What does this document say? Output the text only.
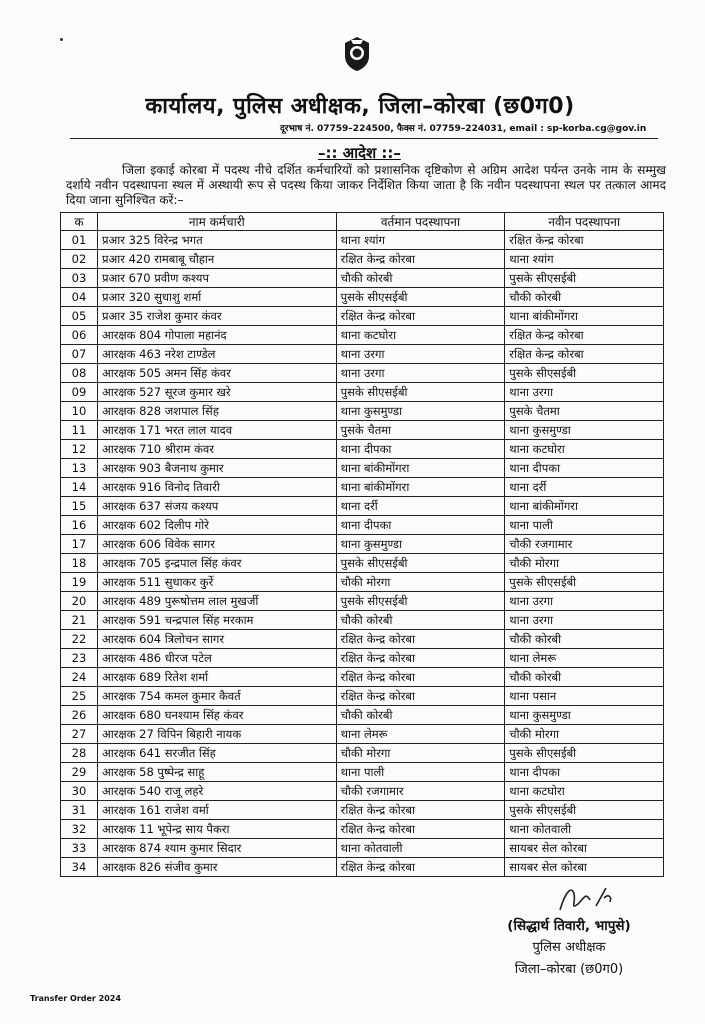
कार्यालय, पुलिस अधीक्षक, जिला–कोरबा (छ0ग0)
दूरभाष नं. 07759–224500, फैक्स नं. 07759–224031, email : sp-korba.cg@gov.in
–:: आदेश ::–
जिला इकाई कोरबा में पदस्थ नीचे दर्शित कर्मचारियों को प्रशासनिक दृष्टिकोण से अग्रिम आदेश पर्यन्त उनके नाम के सम्मुख दर्शाये नवीन पदस्थापना स्थल में अस्थायी रूप से पदस्थ किया जाकर निर्देशित किया जाता है कि नवीन पदस्थापना स्थल पर तत्काल आमद दिया जाना सुनिश्चित करें:–
क	नाम कर्मचारी	वर्तमान पदस्थापना	नवीन पदस्थापना
01	प्रआर 325 विरेन्द्र भगत	थाना श्यांग	रक्षित केन्द्र कोरबा
02	प्रआर 420 रामबाबू चौहान	रक्षित केन्द्र कोरबा	थाना श्यांग
03	प्रआर 670 प्रवीण कश्यप	चौकी कोरबी	पुसके सीएसईबी
04	प्रआर 320 सुधाशु शर्मा	पुसके सीएसईबी	चौकी कोरबी
05	प्रआर 35 राजेश कुमार कंवर	रक्षित केन्द्र कोरबा	थाना बांकीमोंगरा
06	आरक्षक 804 गोपाला महानंद	थाना कटघोरा	रक्षित केन्द्र कोरबा
07	आरक्षक 463 नरेश टाण्डेल	थाना उरगा	रक्षित केन्द्र कोरबा
08	आरक्षक 505 अमन सिंह कंवर	थाना उरगा	पुसके सीएसईबी
09	आरक्षक 527 सूरज कुमार खरे	पुसके सीएसईबी	थाना उरगा
10	आरक्षक 828 जशपाल सिंह	थाना कुसमुण्डा	पुसके चैतमा
11	आरक्षक 171 भरत लाल यादव	पुसके चैतमा	थाना कुसमुण्डा
12	आरक्षक 710 श्रीराम कंवर	थाना दीपका	थाना कटघोरा
13	आरक्षक 903 बैजनाथ कुमार	थाना बांकीमोंगरा	थाना दीपका
14	आरक्षक 916 विनोद तिवारी	थाना बांकीमोंगरा	थाना दर्री
15	आरक्षक 637 संजय कश्यप	थाना दर्री	थाना बांकीमोंगरा
16	आरक्षक 602 दिलीप गोरे	थाना दीपका	थाना पाली
17	आरक्षक 606 विवेक सागर	थाना कुसमुण्डा	चौकी रजगामार
18	आरक्षक 705 इन्द्रपाल सिंह कंवर	पुसके सीएसईबी	चौकी मोरगा
19	आरक्षक 511 सुधाकर कुर्रे	चौकी मोरगा	पुसके सीएसईबी
20	आरक्षक 489 पुरूषोत्तम लाल मुखर्जी	पुसके सीएसईबी	थाना उरगा
21	आरक्षक 591 चन्द्रपाल सिंह मरकाम	चौकी कोरबी	थाना उरगा
22	आरक्षक 604 त्रिलोचन सागर	रक्षित केन्द्र कोरबा	चौकी कोरबी
23	आरक्षक 486 धीरज पटेल	रक्षित केन्द्र कोरबा	थाना लेमरू
24	आरक्षक 689 रितेश शर्मा	रक्षित केन्द्र कोरबा	चौकी कोरबी
25	आरक्षक 754 कमल कुमार कैवर्त	रक्षित केन्द्र कोरबा	थाना पसान
26	आरक्षक 680 घनश्याम सिंह कंवर	चौकी कोरबी	थाना कुसमुण्डा
27	आरक्षक 27 विपिन बिहारी नायक	थाना लेमरू	चौकी मोरगा
28	आरक्षक 641 सरजीत सिंह	चौकी मोरगा	पुसके सीएसईबी
29	आरक्षक 58 पुष्पेन्द्र साहू	थाना पाली	थाना दीपका
30	आरक्षक 540 राजू लहरे	चौकी रजगामार	थाना कटघोरा
31	आरक्षक 161 राजेश वर्मा	रक्षित केन्द्र कोरबा	पुसके सीएसईबी
32	आरक्षक 11 भूपेन्द्र साय पैकरा	रक्षित केन्द्र कोरबा	थाना कोतवाली
33	आरक्षक 874 श्याम कुमार सिदार	थाना कोतवाली	सायबर सेल कोरबा
34	आरक्षक 826 संजीव कुमार	रक्षित केन्द्र कोरबा	सायबर सेल कोरबा
(सिद्धार्थ तिवारी, भापुसे)
पुलिस अधीक्षक
जिला–कोरबा (छ0ग0)
Transfer Order 2024
